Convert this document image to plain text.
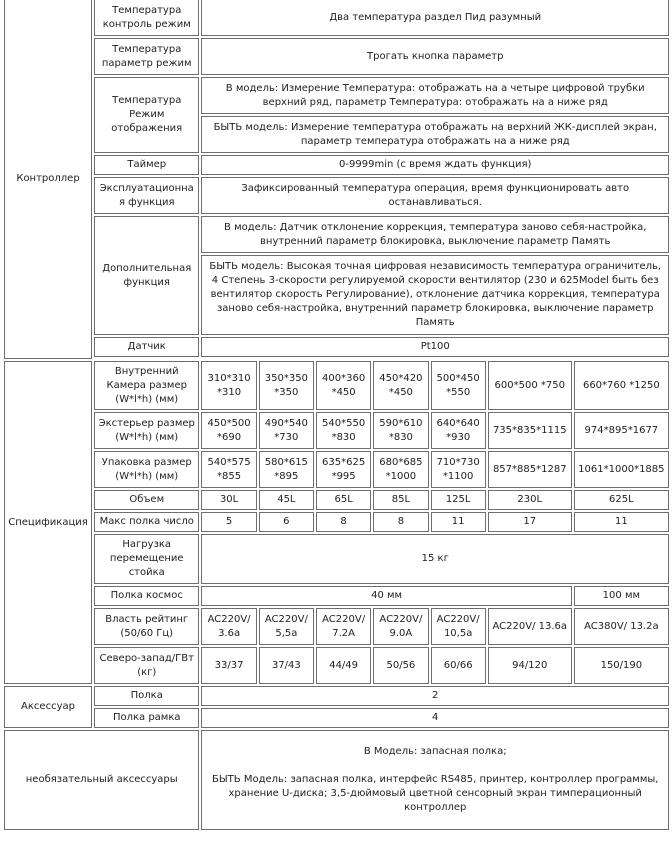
Контроллер	Температура контроль режим	Два температура раздел Пид разумный						
	Температура параметр режим	Трогать кнопка параметр						
	Температура Режим отображения	В модель: Измерение Температура: отображать на а четыре цифровой трубки верхний ряд, параметр Температура: отображать на а ниже ряд						
		БЫТЬ модель: Измерение температура отображать на верхний ЖК-дисплей экран, параметр температура отображать на а ниже ряд						
	Таймер	0-9999min (с время ждать функция)						
	Эксплуатационная функция	Зафиксированный температура операция, время функционировать авто останавливаться.						
	Дополнительная функция	В модель: Датчик отклонение коррекция, температура заново себя-настройка, внутренний параметр блокировка, выключение параметр Память						
		БЫТЬ модель: Высокая точная цифровая независимость температура ограничитель, 4 Степень 3-скорости регулируемой скорости вентилятор (230 и 625Model быть без вентилятор скорость Регулирование), отклонение датчика коррекция, температура заново себя-настройка, внутренний параметр блокировка, выключение параметр Память						
	Датчик	Pt100						

Спецификация	Внутренний Камера размер (W*l*h) (мм)	310*310 *310	350*350 *350	400*360 *450	450*420 *450	500*450 *550	600*500 *750	660*760 *1250
	Экстерьер размер (W*l*h) (мм)	450*500 *690	490*540 *730	540*550 *830	590*610 *830	640*640 *930	735*835*1115	974*895*1677
	Упаковка размер (W*l*h) (мм)	540*575 *855	580*615 *895	635*625 *995	680*685 *1000	710*730 *1100	857*885*1287	1061*1000*1885
	Объем	30L	45L	65L	85L	125L	230L	625L
	Макс полка число	5	6	8	8	11	17	11
	Нагрузка перемещение стойка	15 кг						
	Полка космос	40 мм						100 мм
	Власть рейтинг (50/60 Гц)	AC220V/ 3.6a	AC220V/ 5,5a	AC220V/ 7.2A	AC220V/ 9.0A	AC220V/ 10,5a	AC220V/ 13.6a	AC380V/ 13.2a
	Северо-запад/ГВт (кг)	33/37	37/43	44/49	50/56	60/66	94/120	150/190
Аксессуар	Полка	2						
	Полка рамка	4						
необязательный аксессуары		В Модель: запасная полка;
БЫТЬ Модель: запасная полка, интерфейс RS485, принтер, контроллер программы, хранение U-диска; 3,5-дюймовый цветной сенсорный экран тимперационный контроллер						
